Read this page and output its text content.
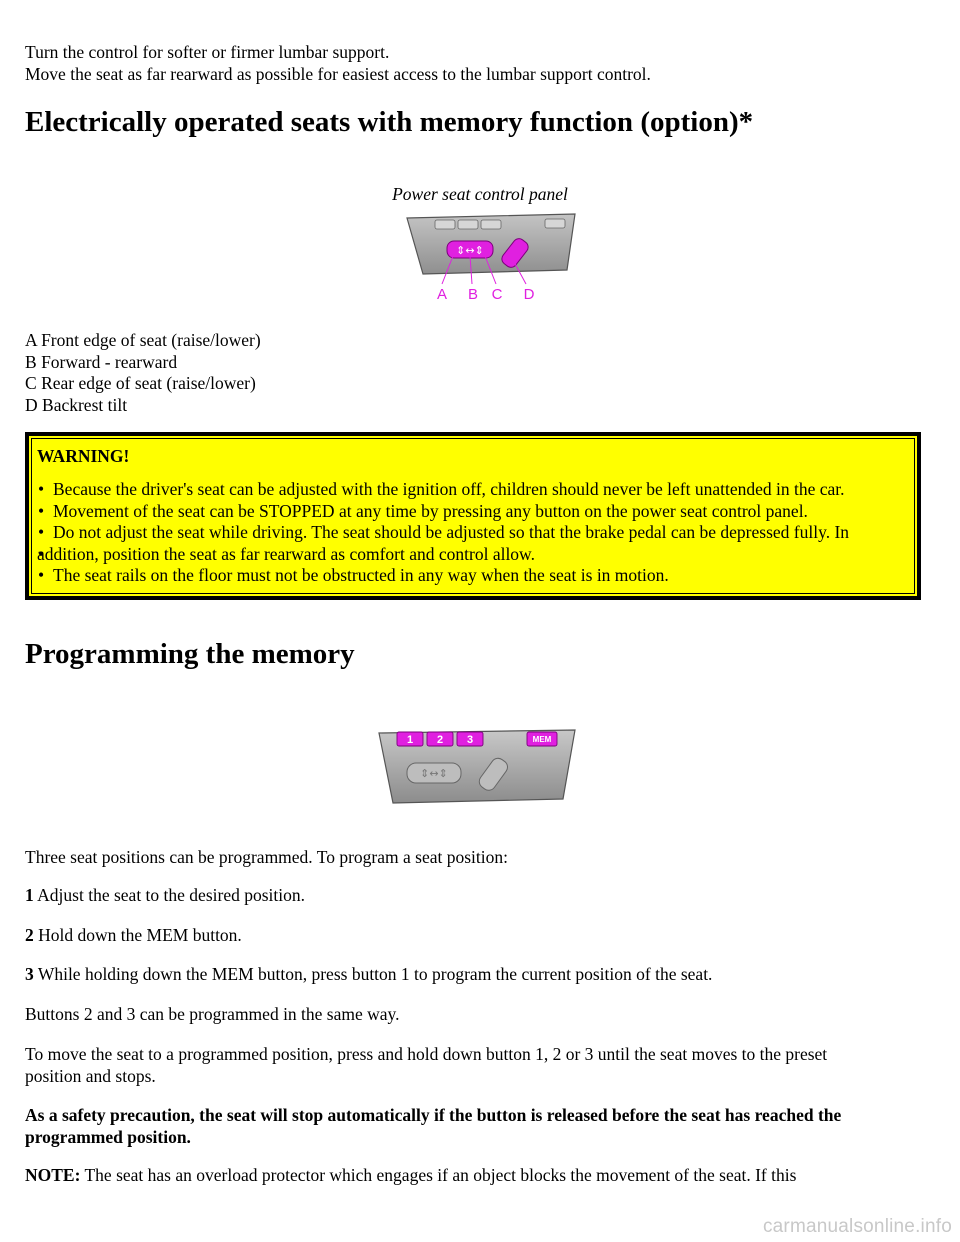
Turn the control for softer or firmer lumbar support.

Move the seat as far rearward as possible for easiest access to the lumbar support control.

Electrically operated seats with memory function (option)*

Power seat control panel

⇕↔⇕
A B C D

A Front edge of seat (raise/lower)

B Forward - rearward

C Rear edge of seat (raise/lower)

D Backrest tilt

WARNING!

• Because the driver's seat can be adjusted with the ignition off, children should never be left unattended in the car.
• Movement of the seat can be STOPPED at any time by pressing any button on the power seat control panel.
• Do not adjust the seat while driving. The seat should be adjusted so that the brake pedal can be depressed fully. In
• addition, position the seat as far rearward as comfort and control allow.
• The seat rails on the floor must not be obstructed in any way when the seat is in motion.
Programming the memory
1 2 3	MEM
⇕↔⇕

Three seat positions can be programmed. To program a seat position:

1 Adjust the seat to the desired position.

2 Hold down the MEM button.

3 While holding down the MEM button, press button 1 to program the current position of the seat.

Buttons 2 and 3 can be programmed in the same way.

To move the seat to a programmed position, press and hold down button 1, 2 or 3 until the seat moves to the preset

position and stops.

As a safety precaution, the seat will stop automatically if the button is released before the seat has reached the

programmed position.

NOTE: The seat has an overload protector which engages if an object blocks the movement of the seat. If this

carmanualsonline.info
